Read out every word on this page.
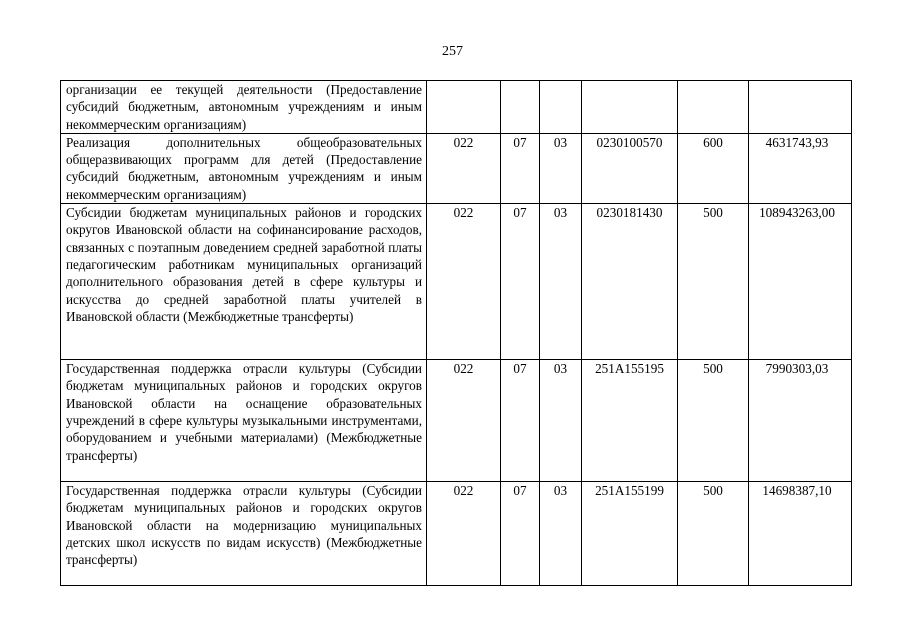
257
организации ее текущей деятельности (Предоставление субсидий бюджетным, автономным учреждениям и иным некоммерческим организациям)						
Реализация дополнительных общеобразовательных общеразвивающих программ для детей (Предоставление субсидий бюджетным, автономным учреждениям и иным некоммерческим организациям)	022	07	03	0230100570	600	4631743,93
Субсидии бюджетам муниципальных районов и городских округов Ивановской области на софинансирование расходов, связанных с поэтапным доведением средней заработной платы педагогическим работникам муниципальных организаций дополнительного образования детей в сфере культуры и искусства до средней заработной платы учителей в Ивановской области (Межбюджетные трансферты)	022	07	03	0230181430	500	108943263,00
Государственная поддержка отрасли культуры (Субсидии бюджетам муниципальных районов и городских округов Ивановской области на оснащение образовательных учреждений в сфере культуры музыкальными инструментами, оборудованием и учебными материалами) (Межбюджетные трансферты)	022	07	03	251A155195	500	7990303,03
Государственная поддержка отрасли культуры (Субсидии бюджетам муниципальных районов и городских округов Ивановской области на модернизацию муниципальных детских школ искусств по видам искусств) (Межбюджетные трансферты)	022	07	03	251A155199	500	14698387,10
